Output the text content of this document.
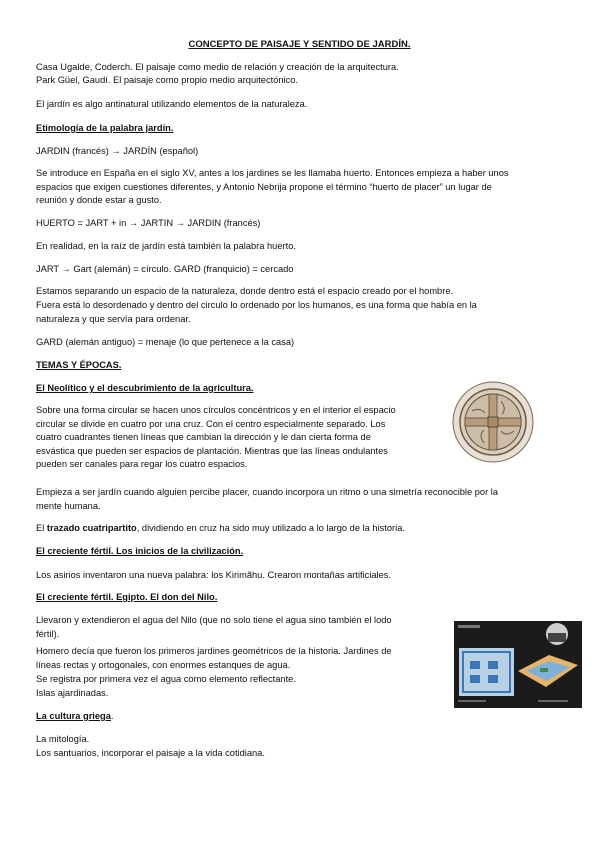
CONCEPTO DE PAISAJE Y SENTIDO DE JARDÍN.
Casa Ugalde, Coderch. El paisaje como medio de relación y creación de la arquitectura.
Park Güel, Gaudí. El paisaje como propio medio arquitectónico.
El jardín es algo antinatural utilizando elementos de la naturaleza.
Etimología de la palabra jardín.
JARDIN (francés) → JARDÍN (español)
Se introduce en España en el siglo XV, antes a los jardines se les llamaba huerto. Entonces empieza a haber unos
espacios que exigen cuestiones diferentes, y Antonio Nebrija propone el término “huerto de placer” un lugar de
reunión y donde estar a gusto.
HUERTO = JART + in → JARTIN → JARDIN (francés)
En realidad, en la raíz de jardín está también la palabra huerto.
JART → Gart (alemán) = círculo. GARD (franquicio) = cercado
Estamos separando un espacio de la naturaleza, donde dentro está el espacio creado por el hombre.
Fuera está lo desordenado y dentro del circulo lo ordenado por los humanos, es una forma que había en la
naturaleza y que servía para ordenar.
GARD (alemán antiguo) = menaje (lo que pertenece a la casa)
TEMAS Y ÉPOCAS.
El Neolítico y el descubrimiento de la agricultura.
Sobre una forma circular se hacen unos círculos concéntricos y en el interior el espacio
circular se divide en cuatro por una cruz. Con el centro especialmente separado. Los
cuatro cuadrantes tienen líneas que cambian la dirección y le dan cierta forma de
esvástica que pueden ser espacios de plantación. Mientras que las líneas ondulantes
pueden ser canales para regar los cuatro espacios.
Empieza a ser jardín cuando alguien percibe placer, cuando incorpora un ritmo o una simetría reconocible por la
mente humana.
El trazado cuatripartito, dividiendo en cruz ha sido muy utilizado a lo largo de la historia.
El creciente fértil. Los inicios de la civilización.
Los asirios inventaron una nueva palabra: los Kirimãhu. Crearon montañas artificiales.
El creciente fértil. Egipto. El don del Nilo.
Llevaron y extendieron el agua del Nilo (que no solo tiene el agua sino también el lodo
fértil).
Homero decía que fueron los primeros jardines geométricos de la historia. Jardines de
líneas rectas y ortogonales, con enormes estanques de agua.
Se registra por primera vez el agua como elemento reflectante.
Islas ajardinadas.
La cultura griega.
La mitología.
Los santuarios, incorporar el paisaje a la vida cotidiana.
